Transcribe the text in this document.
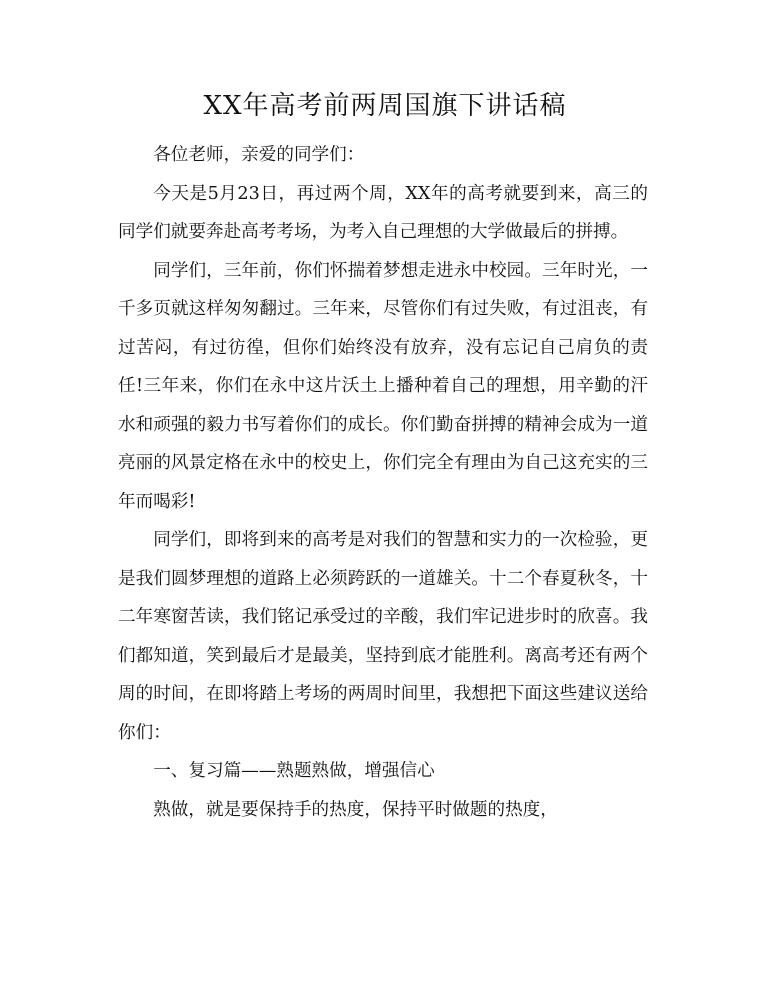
XX年高考前两周国旗下讲话稿

各位老师，亲爱的同学们：

今天是5月23日，再过两个周，XX年的高考就要到来，高三的同学们就要奔赴高考考场，为考入自己理想的大学做最后的拼搏。

同学们，三年前，你们怀揣着梦想走进永中校园。三年时光，一千多页就这样匆匆翻过。三年来，尽管你们有过失败，有过沮丧，有过苦闷，有过彷徨，但你们始终没有放弃，没有忘记自己肩负的责任!三年来，你们在永中这片沃土上播种着自己的理想，用辛勤的汗水和顽强的毅力书写着你们的成长。你们勤奋拼搏的精神会成为一道亮丽的风景定格在永中的校史上，你们完全有理由为自己这充实的三年而喝彩!

同学们，即将到来的高考是对我们的智慧和实力的一次检验，更是我们圆梦理想的道路上必须跨跃的一道雄关。十二个春夏秋冬，十二年寒窗苦读，我们铭记承受过的辛酸，我们牢记进步时的欣喜。我们都知道，笑到最后才是最美，坚持到底才能胜利。离高考还有两个周的时间，在即将踏上考场的两周时间里，我想把下面这些建议送给你们：

一、复习篇——熟题熟做，增强信心

熟做，就是要保持手的热度，保持平时做题的热度，
